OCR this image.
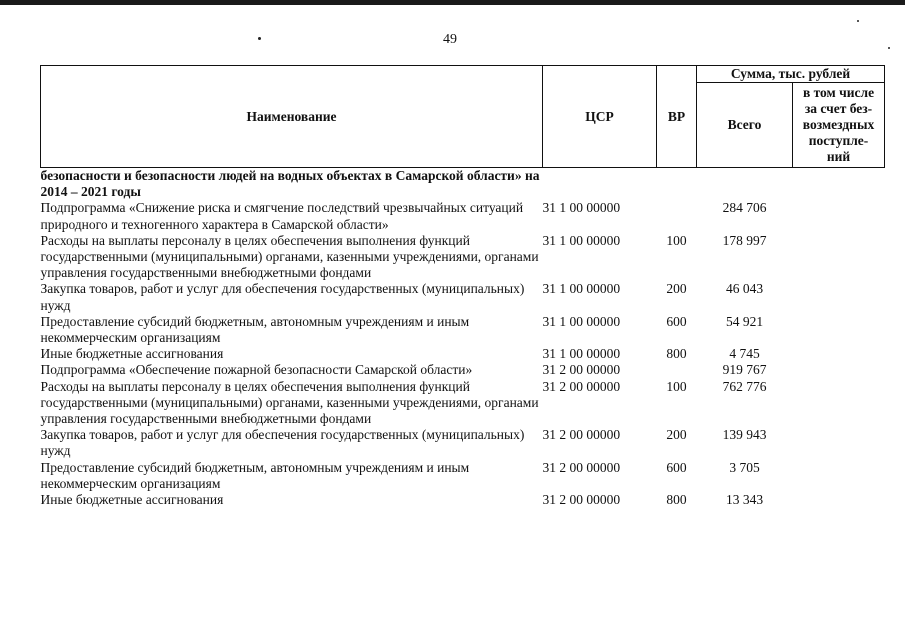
49
Наименование	ЦСР	ВР	Сумма, тыс. рублей	
			Всего	в том числе
за счет без-
возмездных
поступле-
ний
безопасности и безопасности людей на водных объектах в Самарской области» на 2014 – 2021 годы				
Подпрограмма «Снижение риска и смягчение последствий чрезвычайных ситуаций природного и техногенного характера в Самарской области»	31 1 00 00000		284 706	
Расходы на выплаты персоналу в целях обеспечения выполнения функций государственными (муниципальными) органами, казенными учреждениями, органами управления государственными внебюджетными фондами	31 1 00 00000	100	178 997	
Закупка товаров, работ и услуг для обеспечения государственных (муниципальных) нужд	31 1 00 00000	200	46 043	
Предоставление субсидий бюджетным, автономным учреждениям и иным некоммерческим организациям	31 1 00 00000	600	54 921	
Иные бюджетные ассигнования	31 1 00 00000	800	4 745	
Подпрограмма «Обеспечение пожарной безопасности Самарской области»	31 2 00 00000		919 767	
Расходы на выплаты персоналу в целях обеспечения выполнения функций государственными (муниципальными) органами, казенными учреждениями, органами управления государственными внебюджетными фондами	31 2 00 00000	100	762 776	
Закупка товаров, работ и услуг для обеспечения государственных (муниципальных) нужд	31 2 00 00000	200	139 943	
Предоставление субсидий бюджетным, автономным учреждениям и иным некоммерческим организациям	31 2 00 00000	600	3 705	
Иные бюджетные ассигнования	31 2 00 00000	800	13 343	
